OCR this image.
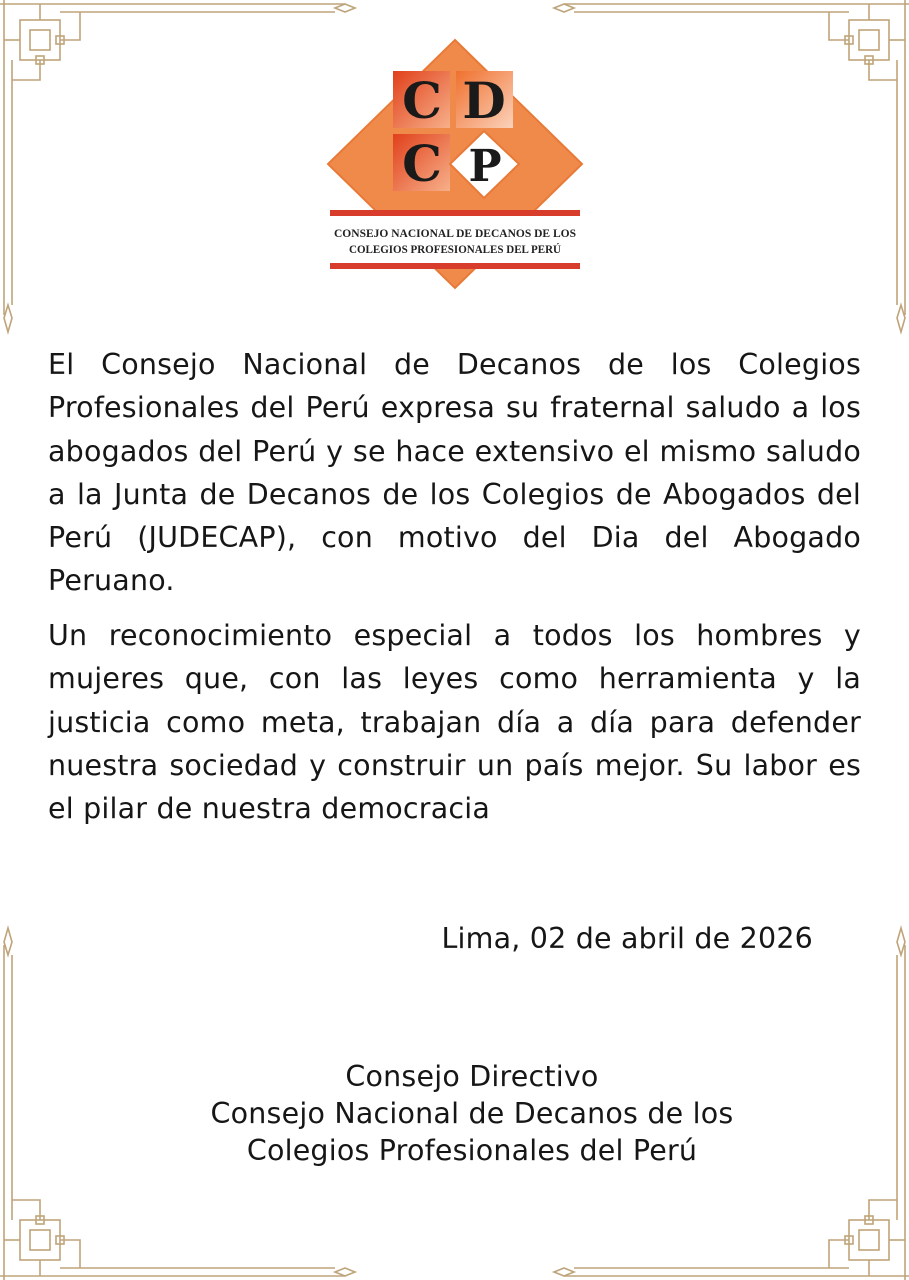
C D
C P
CONSEJO NACIONAL DE DECANOS DE LOS
COLEGIOS PROFESIONALES DEL PERÚ

El Consejo Nacional de Decanos de los Colegios Profesionales del Perú expresa su fraternal saludo a los abogados del Perú y se hace extensivo el mismo saludo a la Junta de Decanos de los Colegios de Abogados del Perú (JUDECAP), con motivo del Dia del Abogado Peruano.

Un reconocimiento especial a todos los hombres y mujeres que, con las leyes como herramienta y la justicia como meta, trabajan día a día para defender nuestra sociedad y construir un país mejor. Su labor es el pilar de nuestra democracia

Lima, 02 de abril de 2026
Consejo Directivo
Consejo Nacional de Decanos de los
Colegios Profesionales del Perú
